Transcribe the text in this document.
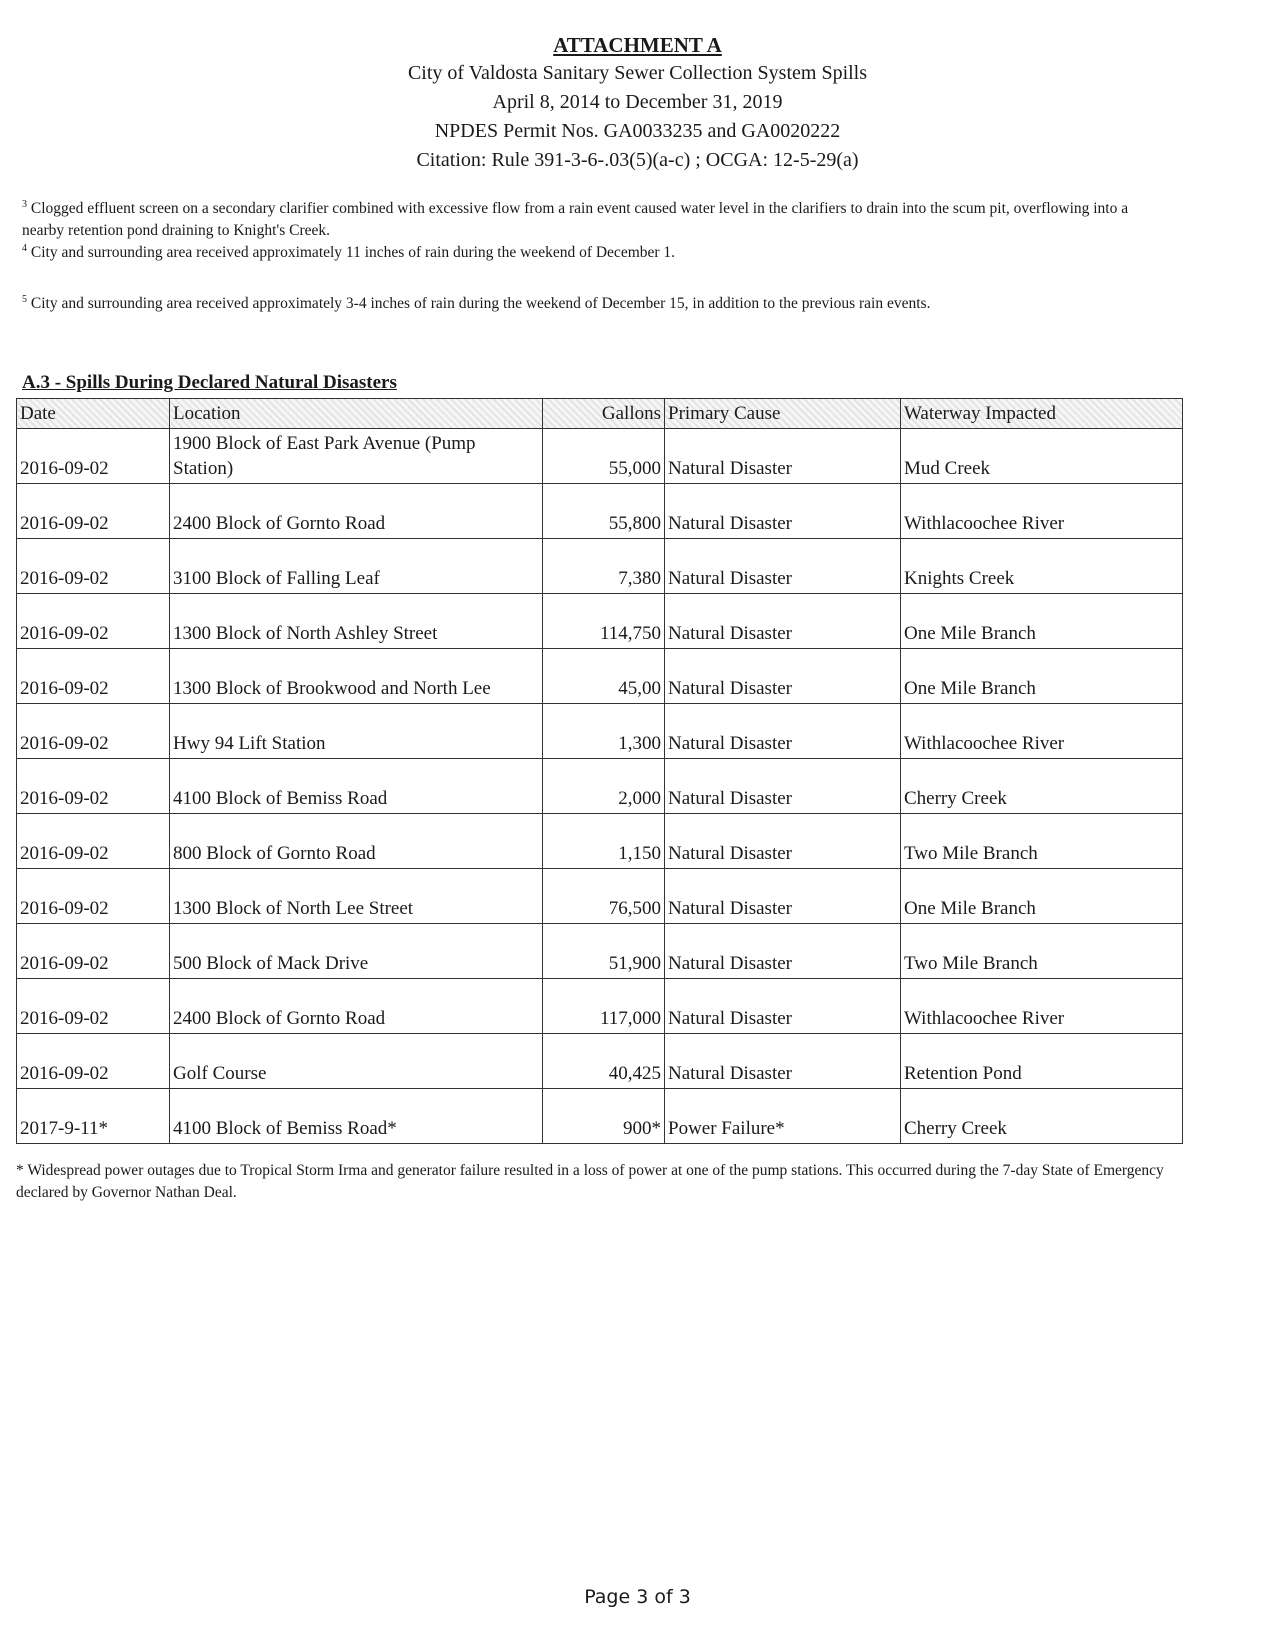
ATTACHMENT A
City of Valdosta Sanitary Sewer Collection System Spills
April 8, 2014 to December 31, 2019
NPDES Permit Nos. GA0033235 and GA0020222
Citation: Rule 391-3-6-.03(5)(a-c) ; OCGA: 12-5-29(a)

$^3$ Clogged effluent screen on a secondary clarifier combined with excessive flow from a rain event caused water level in the clarifiers to drain into the scum pit, overflowing into a nearby retention pond draining to Knight's Creek.

$^4$ City and surrounding area received approximately 11 inches of rain during the weekend of December 1.

$^5$ City and surrounding area received approximately 3-4 inches of rain during the weekend of December 15, in addition to the previous rain events.

A.3 - Spills During Declared Natural Disasters
Date	Location	Gallons	Primary Cause	Waterway Impacted
2016-09-02	1900 Block of East Park Avenue (Pump Station)	55,000	Natural Disaster	Mud Creek
2016-09-02	2400 Block of Gornto Road	55,800	Natural Disaster	Withlacoochee River
2016-09-02	3100 Block of Falling Leaf	7,380	Natural Disaster	Knights Creek
2016-09-02	1300 Block of North Ashley Street	114,750	Natural Disaster	One Mile Branch
2016-09-02	1300 Block of Brookwood and North Lee	45,00	Natural Disaster	One Mile Branch
2016-09-02	Hwy 94 Lift Station	1,300	Natural Disaster	Withlacoochee River
2016-09-02	4100 Block of Bemiss Road	2,000	Natural Disaster	Cherry Creek
2016-09-02	800 Block of Gornto Road	1,150	Natural Disaster	Two Mile Branch
2016-09-02	1300 Block of North Lee Street	76,500	Natural Disaster	One Mile Branch
2016-09-02	500 Block of Mack Drive	51,900	Natural Disaster	Two Mile Branch
2016-09-02	2400 Block of Gornto Road	117,000	Natural Disaster	Withlacoochee River
2016-09-02	Golf Course	40,425	Natural Disaster	Retention Pond
2017-9-11*	4100 Block of Bemiss Road*	900*	Power Failure*	Cherry Creek
* Widespread power outages due to Tropical Storm Irma and generator failure resulted in a loss of power at one of the pump stations. This occurred during the 7-day State of Emergency declared by Governor Nathan Deal.
Page 3 of 3
